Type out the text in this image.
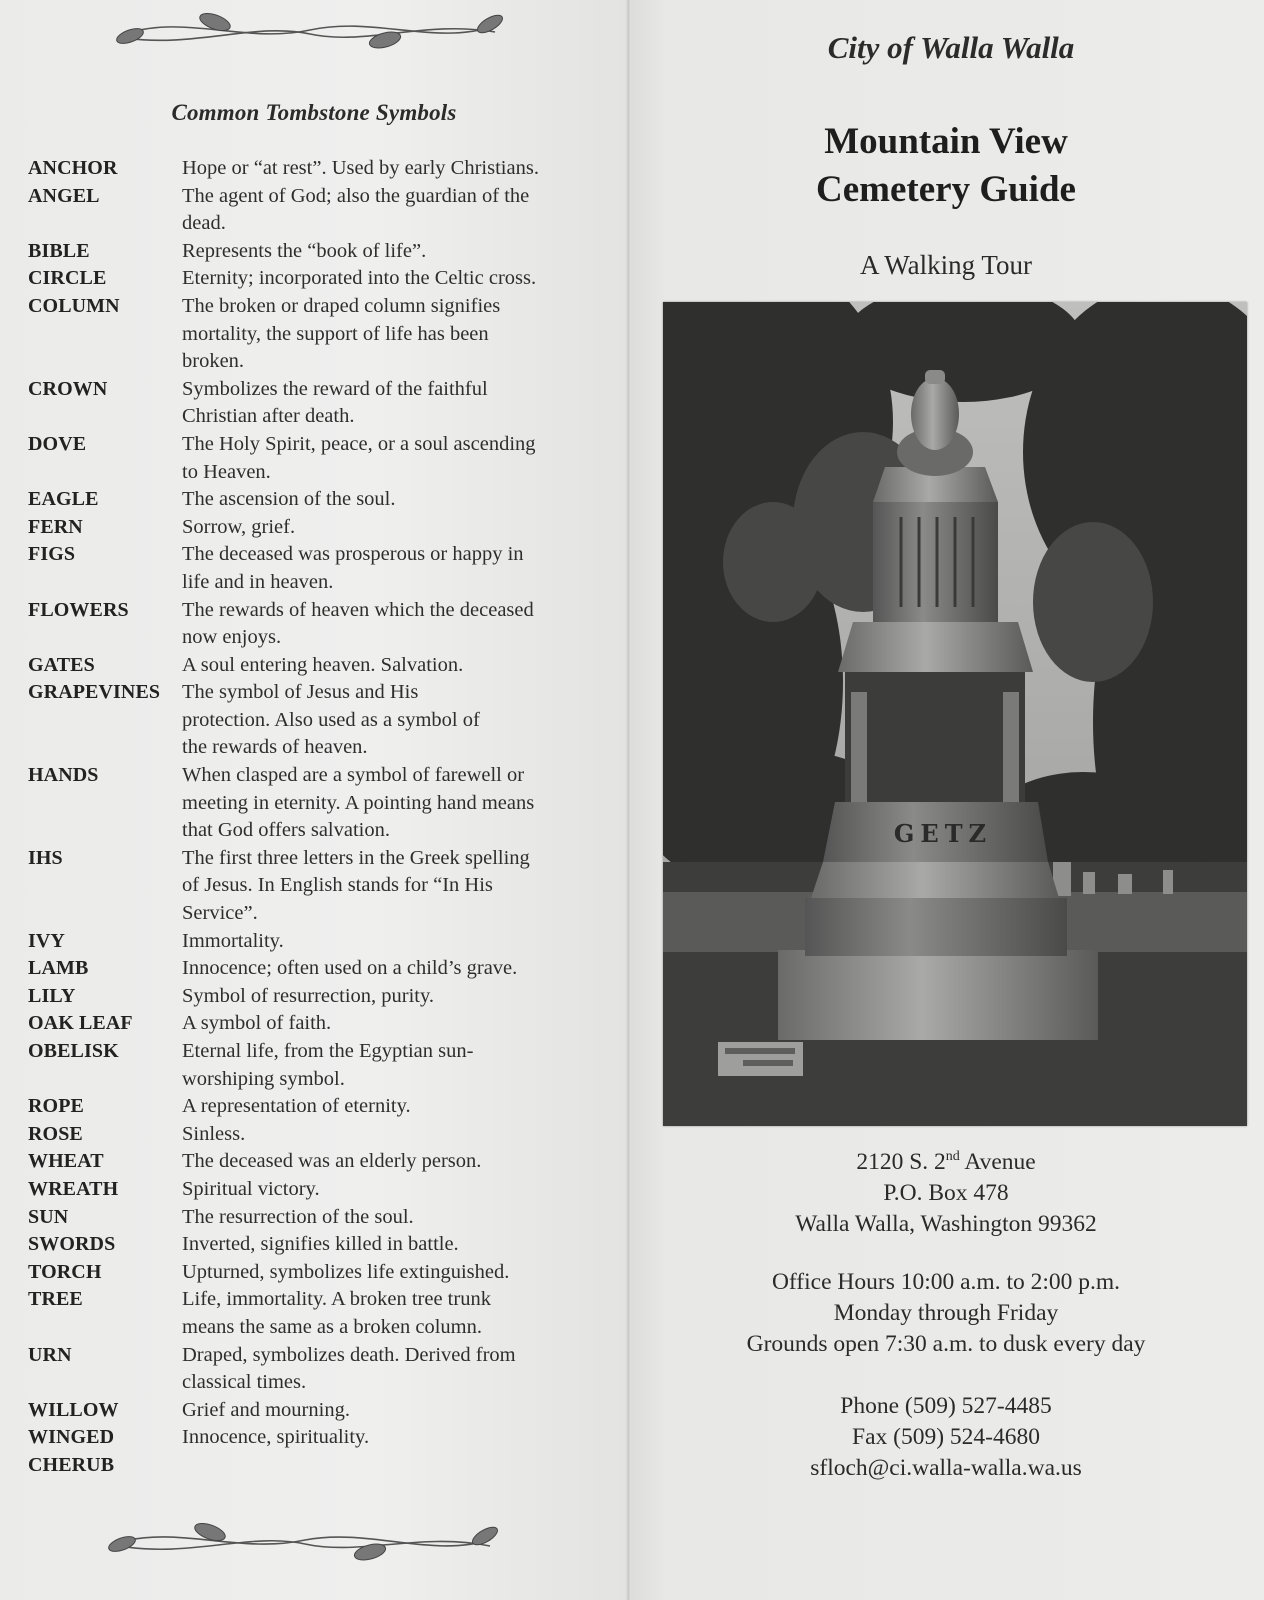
Common Tombstone Symbols
ANCHOR	Hope or “at rest”. Used by early Christians.
ANGEL	The agent of God; also the guardian of the
dead.
BIBLE	Represents the “book of life”.
CIRCLE	Eternity; incorporated into the Celtic cross.
COLUMN	The broken or draped column signifies
mortality, the support of life has been
broken.
CROWN	Symbolizes the reward of the faithful
Christian after death.
DOVE	The Holy Spirit, peace, or a soul ascending
to Heaven.
EAGLE	The ascension of the soul.
FERN	Sorrow, grief.
FIGS	The deceased was prosperous or happy in
life and in heaven.
FLOWERS	The rewards of heaven which the deceased
now enjoys.
GATES	A soul entering heaven. Salvation.
GRAPEVINES	The symbol of Jesus and His
protection. Also used as a symbol of
the rewards of heaven.
HANDS	When clasped are a symbol of farewell or
meeting in eternity. A pointing hand means
that God offers salvation.
IHS	The first three letters in the Greek spelling
of Jesus. In English stands for “In His
Service”.
IVY	Immortality.
LAMB	Innocence; often used on a child’s grave.
LILY	Symbol of resurrection, purity.
OAK LEAF	A symbol of faith.
OBELISK	Eternal life, from the Egyptian sun-
worshiping symbol.
ROPE	A representation of eternity.
ROSE	Sinless.
WHEAT	The deceased was an elderly person.
WREATH	Spiritual victory.
SUN	The resurrection of the soul.
SWORDS	Inverted, signifies killed in battle.
TORCH	Upturned, symbolizes life extinguished.
TREE	Life, immortality. A broken tree trunk
means the same as a broken column.
URN	Draped, symbolizes death. Derived from
classical times.
WILLOW	Grief and mourning.
WINGED	Innocence, spirituality.
CHERUB
City of Walla Walla
Mountain View
Cemetery Guide
A Walking Tour
GETZ
2120 S. 2nd Avenue
P.O. Box 478
Walla Walla, Washington 99362
Office Hours 10:00 a.m. to 2:00 p.m.
Monday through Friday
Grounds open 7:30 a.m. to dusk every day
Phone (509) 527-4485
Fax (509) 524-4680
sfloch@ci.walla-walla.wa.us
